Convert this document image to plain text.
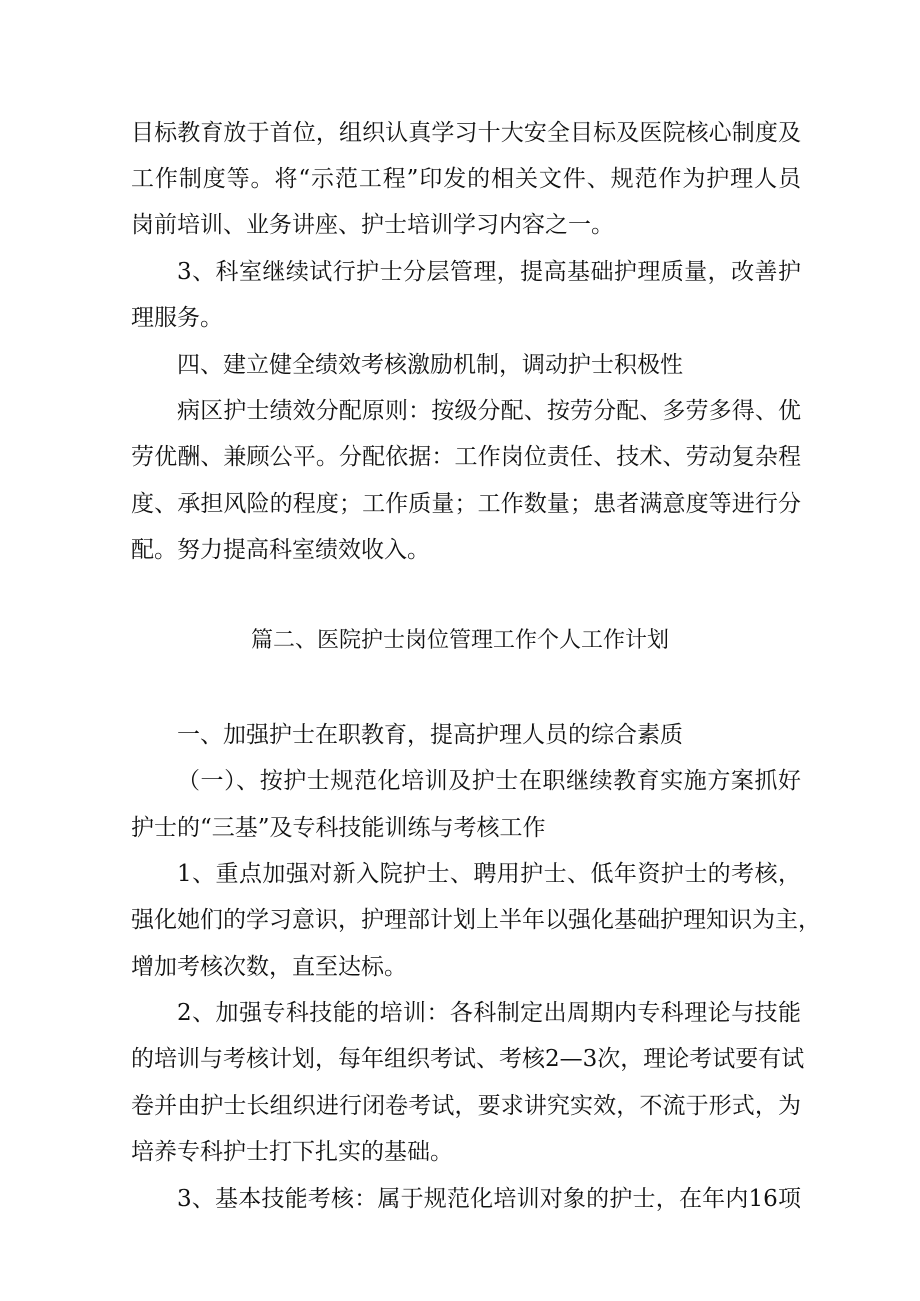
目标教育放于首位，组织认真学习十大安全目标及医院核心制度及
工作制度等。将“示范工程”印发的相关文件、规范作为护理人员
岗前培训、业务讲座、护士培训学习内容之一。
3、科室继续试行护士分层管理，提高基础护理质量，改善护
理服务。
四、建立健全绩效考核激励机制，调动护士积极性
病区护士绩效分配原则：按级分配、按劳分配、多劳多得、优
劳优酬、兼顾公平。分配依据：工作岗位责任、技术、劳动复杂程
度、承担风险的程度；工作质量；工作数量；患者满意度等进行分
配。努力提高科室绩效收入。
篇二、医院护士岗位管理工作个人工作计划
一、加强护士在职教育，提高护理人员的综合素质
（一）、按护士规范化培训及护士在职继续教育实施方案抓好
护士的“三基”及专科技能训练与考核工作
1、重点加强对新入院护士、聘用护士、低年资护士的考核，
强化她们的学习意识，护理部计划上半年以强化基础护理知识为主，
增加考核次数，直至达标。
2、加强专科技能的培训：各科制定出周期内专科理论与技能
的培训与考核计划，每年组织考试、考核2—3次，理论考试要有试
卷并由护士长组织进行闭卷考试，要求讲究实效，不流于形式，为
培养专科护士打下扎实的基础。
3、基本技能考核：属于规范化培训对象的护士，在年内16项
